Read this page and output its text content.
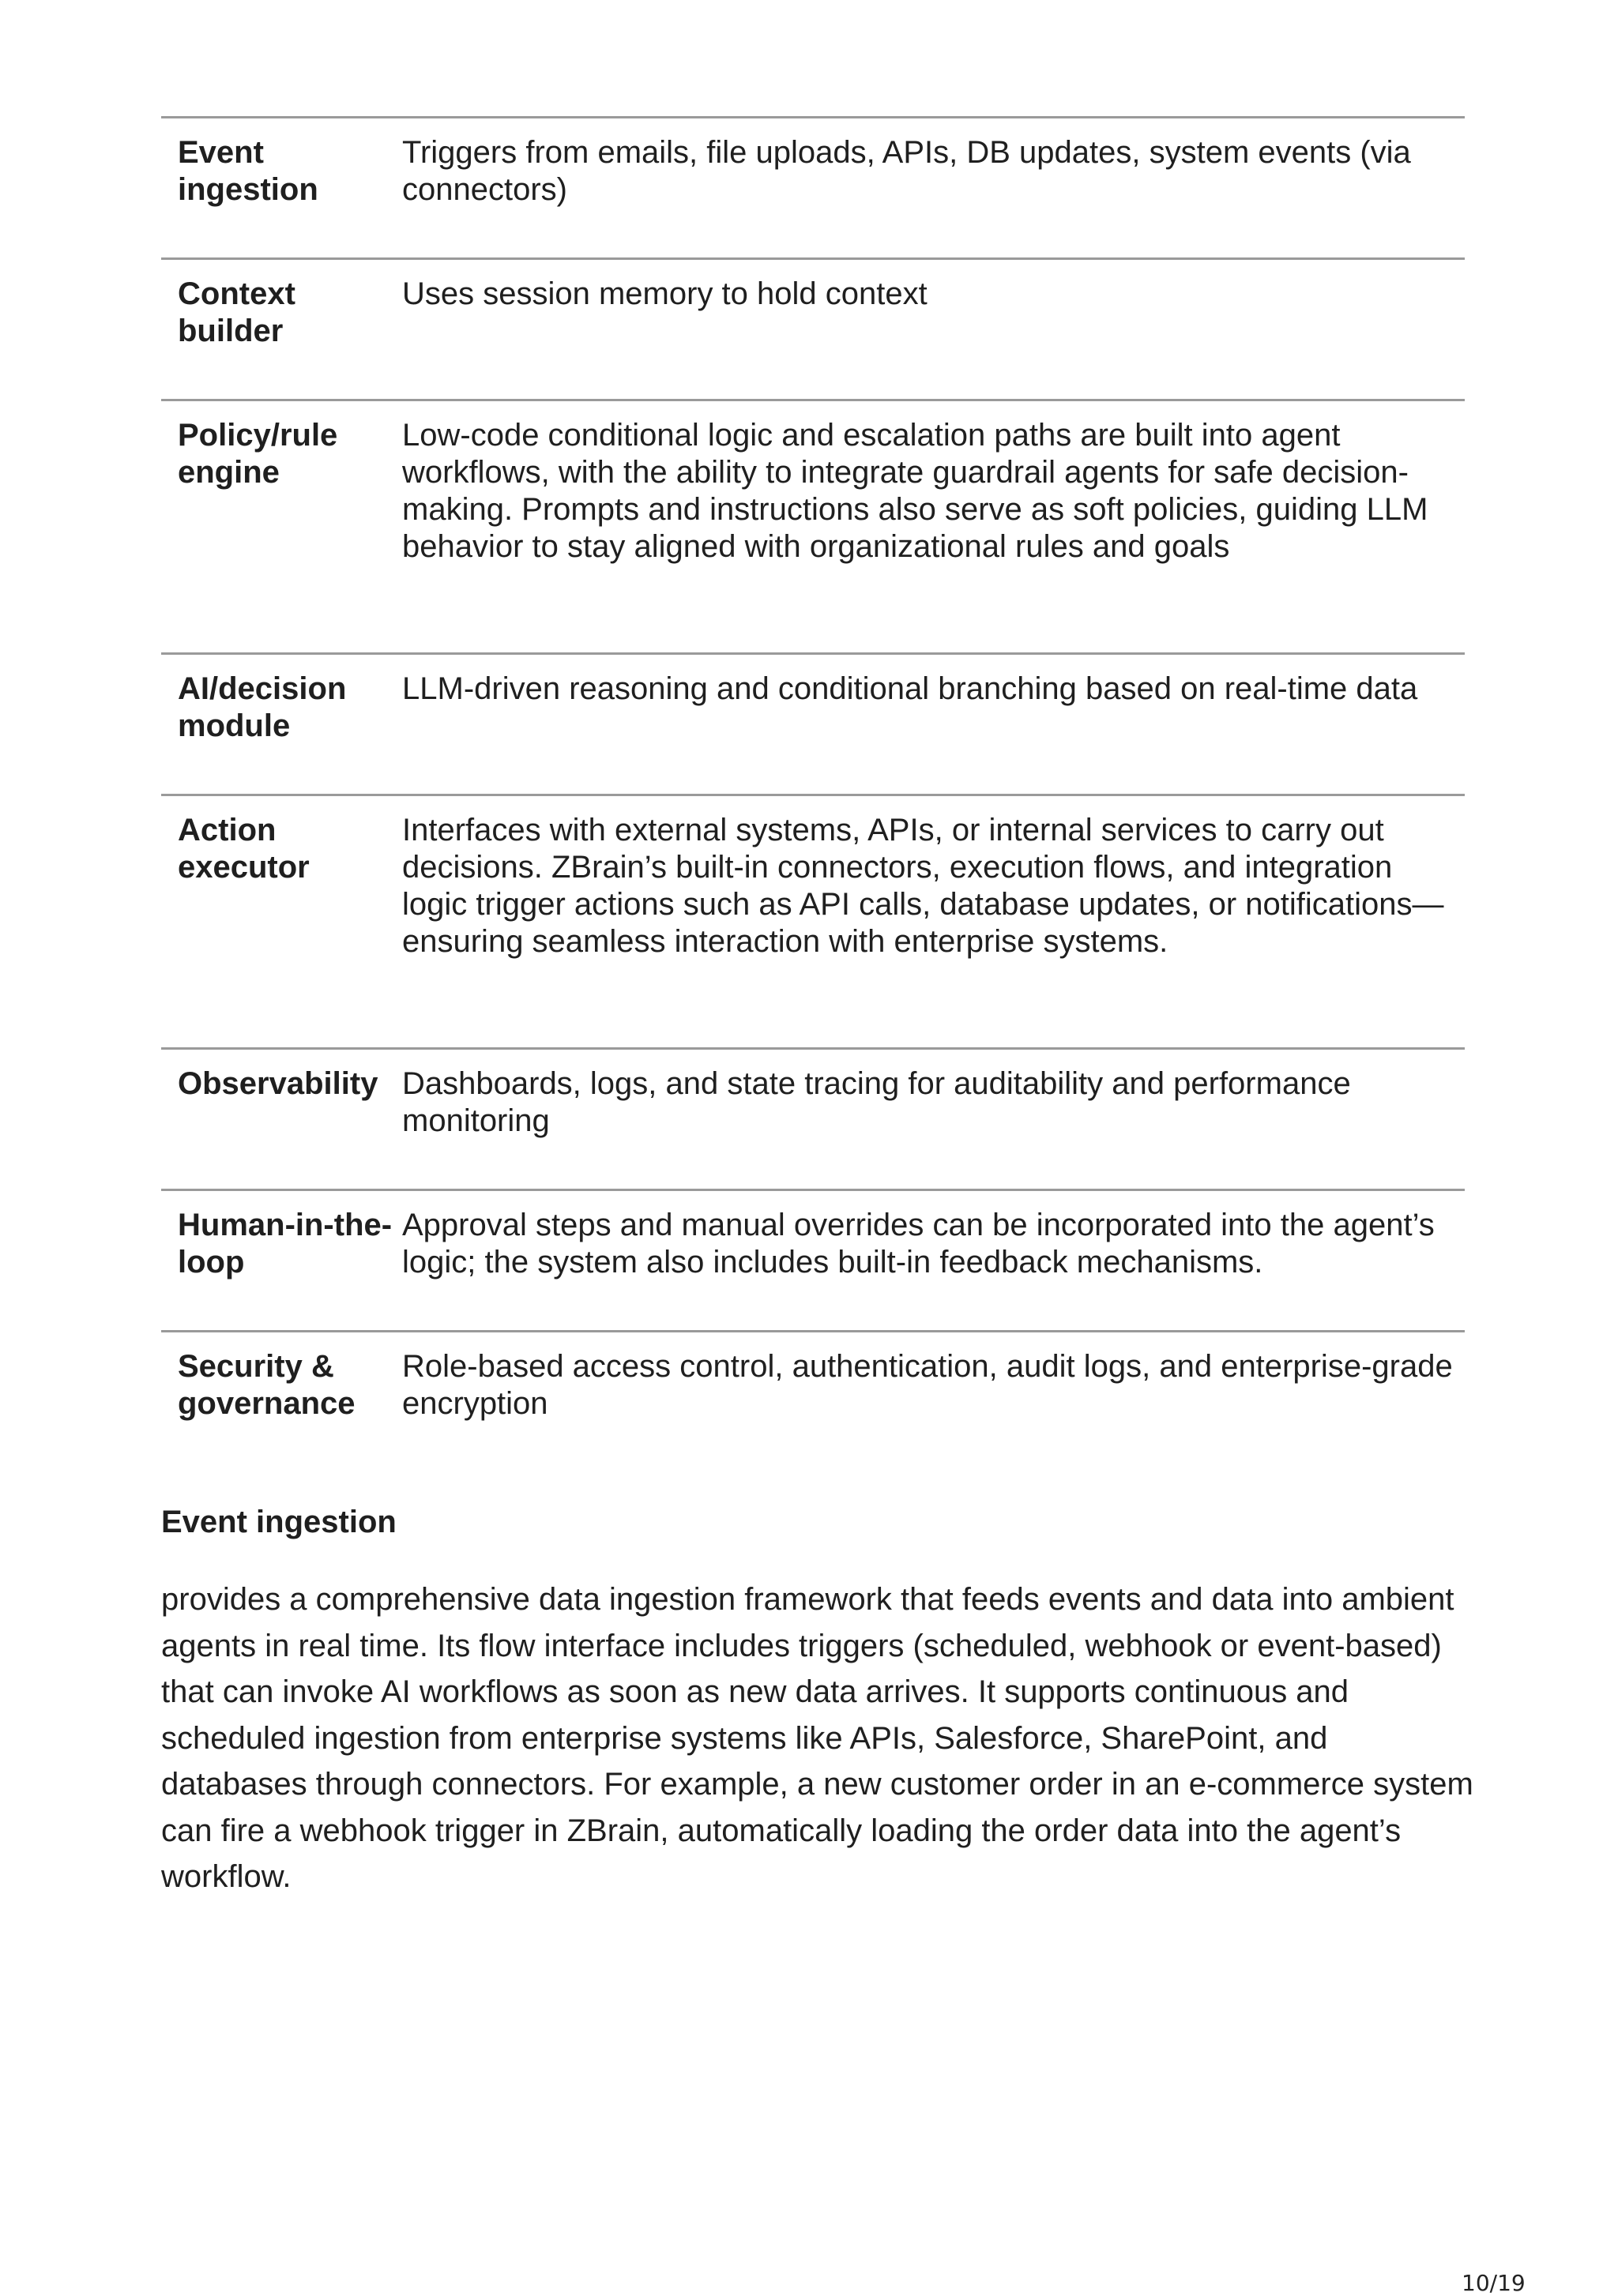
Event ingestion
Triggers from emails, file uploads, APIs, DB updates, system events (via connectors)
Context builder
Uses session memory to hold context
Policy/rule engine
Low-code conditional logic and escalation paths are built into agent workflows, with the ability to integrate guardrail agents for safe decision-making. Prompts and instructions also serve as soft policies, guiding LLM behavior to stay aligned with organizational rules and goals
AI/decision module
LLM-driven reasoning and conditional branching based on real-time data
Action executor
Interfaces with external systems, APIs, or internal services to carry out decisions. ZBrain’s built-in connectors, execution flows, and integration logic trigger actions such as API calls, database updates, or notifications—ensuring seamless interaction with enterprise systems.
Observability Dashboards, logs, and state tracing for auditability and performance monitoring
Human-in-the-loop
Approval steps and manual overrides can be incorporated into the agent’s logic; the system also includes built-in feedback mechanisms.
Security & governance
Role-based access control, authentication, audit logs, and enterprise-grade encryption
Event ingestion

provides a comprehensive data ingestion framework that feeds events and data into ambient agents in real time. Its flow interface includes triggers (scheduled, webhook or event-based) that can invoke AI workflows as soon as new data arrives. It supports continuous and scheduled ingestion from enterprise systems like APIs, Salesforce, SharePoint, and databases through connectors. For example, a new customer order in an e-commerce system can fire a webhook trigger in ZBrain, automatically loading the order data into the agent’s workflow.

10/19
